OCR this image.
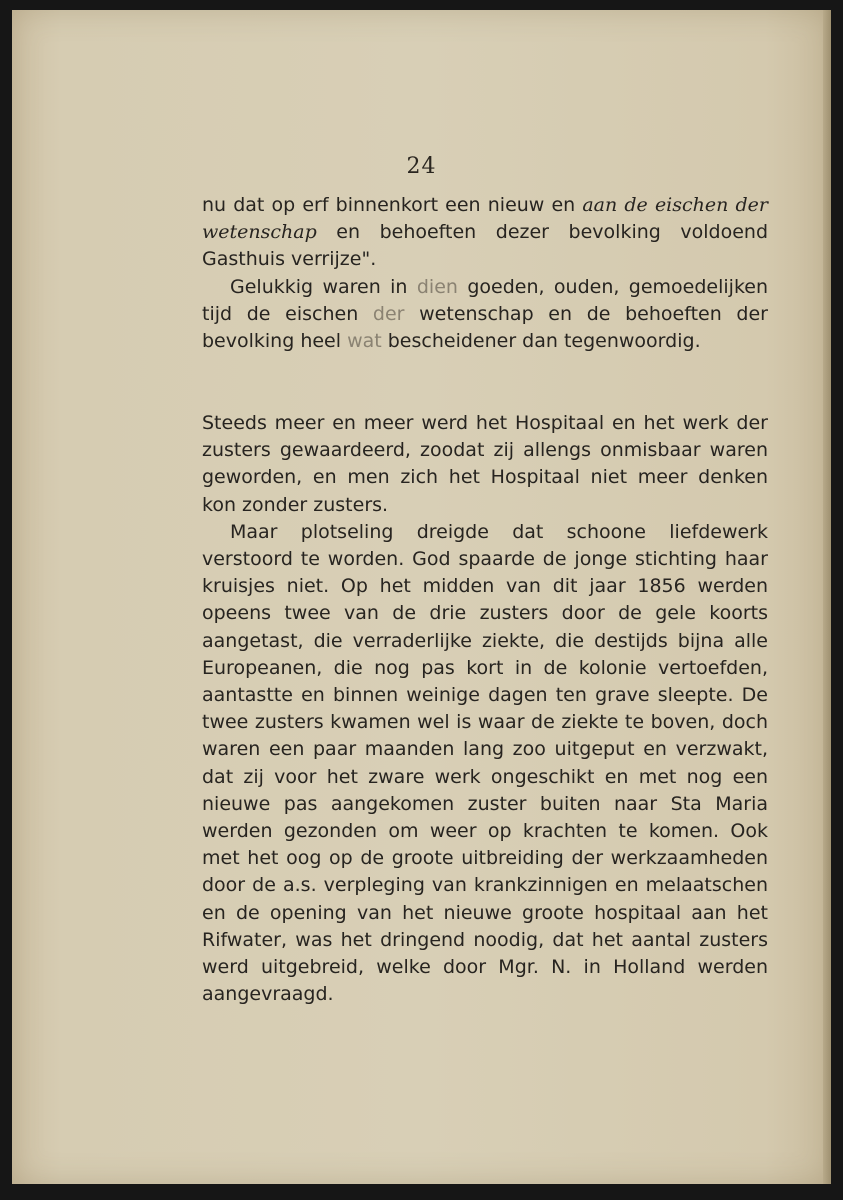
24

nu dat op erf binnenkort een nieuw en aan de eischen der wetenschap en behoeften dezer bevolking voldoend Gasthuis verrijze".

Gelukkig waren in dien goeden, ouden, gemoedelijken tijd de eischen der wetenschap en de behoeften der bevolking heel wat bescheidener dan tegenwoordig.

Steeds meer en meer werd het Hospitaal en het werk der zusters gewaardeerd, zoodat zij allengs onmisbaar waren geworden, en men zich het Hospitaal niet meer denken kon zonder zusters.

Maar plotseling dreigde dat schoone liefdewerk verstoord te worden. God spaarde de jonge stichting haar kruisjes niet. Op het midden van dit jaar 1856 werden opeens twee van de drie zusters door de gele koorts aangetast, die verraderlijke ziekte, die destijds bijna alle Europeanen, die nog pas kort in de kolonie vertoefden, aantastte en binnen weinige dagen ten grave sleepte. De twee zusters kwamen wel is waar de ziekte te boven, doch waren een paar maanden lang zoo uitgeput en verzwakt, dat zij voor het zware werk ongeschikt en met nog een nieuwe pas aangekomen zuster buiten naar Sta Maria werden gezonden om weer op krachten te komen. Ook met het oog op de groote uitbreiding der werkzaamheden door de a.s. verpleging van krankzinnigen en melaatschen en de opening van het nieuwe groote hospitaal aan het Rifwater, was het dringend noodig, dat het aantal zusters werd uitgebreid, welke door Mgr. N. in Holland werden aangevraagd.
